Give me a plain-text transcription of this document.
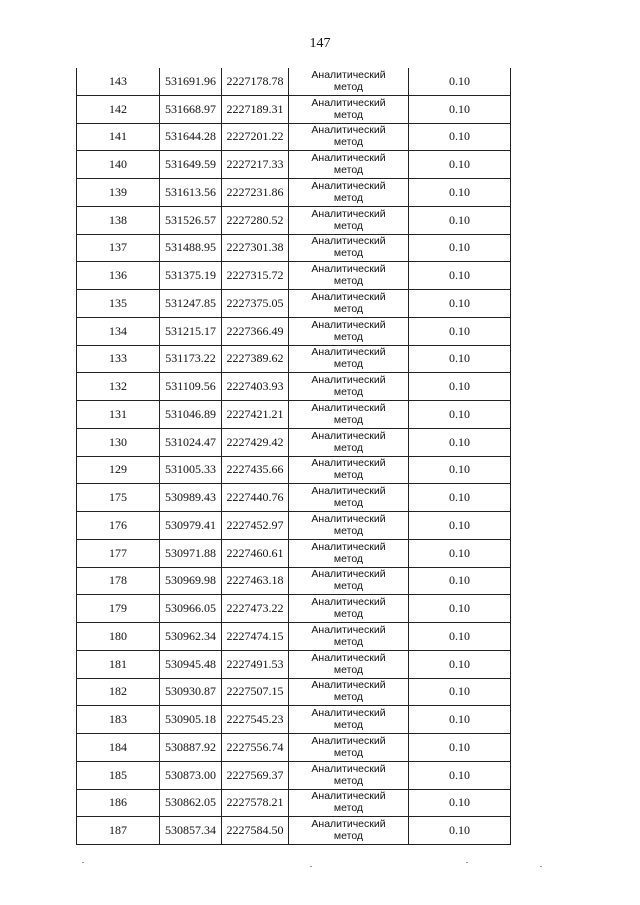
147
143	531691.96	2227178.78	Аналитический метод	0.10
142	531668.97	2227189.31	Аналитический метод	0.10
141	531644.28	2227201.22	Аналитический метод	0.10
140	531649.59	2227217.33	Аналитический метод	0.10
139	531613.56	2227231.86	Аналитический метод	0.10
138	531526.57	2227280.52	Аналитический метод	0.10
137	531488.95	2227301.38	Аналитический метод	0.10
136	531375.19	2227315.72	Аналитический метод	0.10
135	531247.85	2227375.05	Аналитический метод	0.10
134	531215.17	2227366.49	Аналитический метод	0.10
133	531173.22	2227389.62	Аналитический метод	0.10
132	531109.56	2227403.93	Аналитический метод	0.10
131	531046.89	2227421.21	Аналитический метод	0.10
130	531024.47	2227429.42	Аналитический метод	0.10
129	531005.33	2227435.66	Аналитический метод	0.10
175	530989.43	2227440.76	Аналитический метод	0.10
176	530979.41	2227452.97	Аналитический метод	0.10
177	530971.88	2227460.61	Аналитический метод	0.10
178	530969.98	2227463.18	Аналитический метод	0.10
179	530966.05	2227473.22	Аналитический метод	0.10
180	530962.34	2227474.15	Аналитический метод	0.10
181	530945.48	2227491.53	Аналитический метод	0.10
182	530930.87	2227507.15	Аналитический метод	0.10
183	530905.18	2227545.23	Аналитический метод	0.10
184	530887.92	2227556.74	Аналитический метод	0.10
185	530873.00	2227569.37	Аналитический метод	0.10
186	530862.05	2227578.21	Аналитический метод	0.10
187	530857.34	2227584.50	Аналитический метод	0.10
